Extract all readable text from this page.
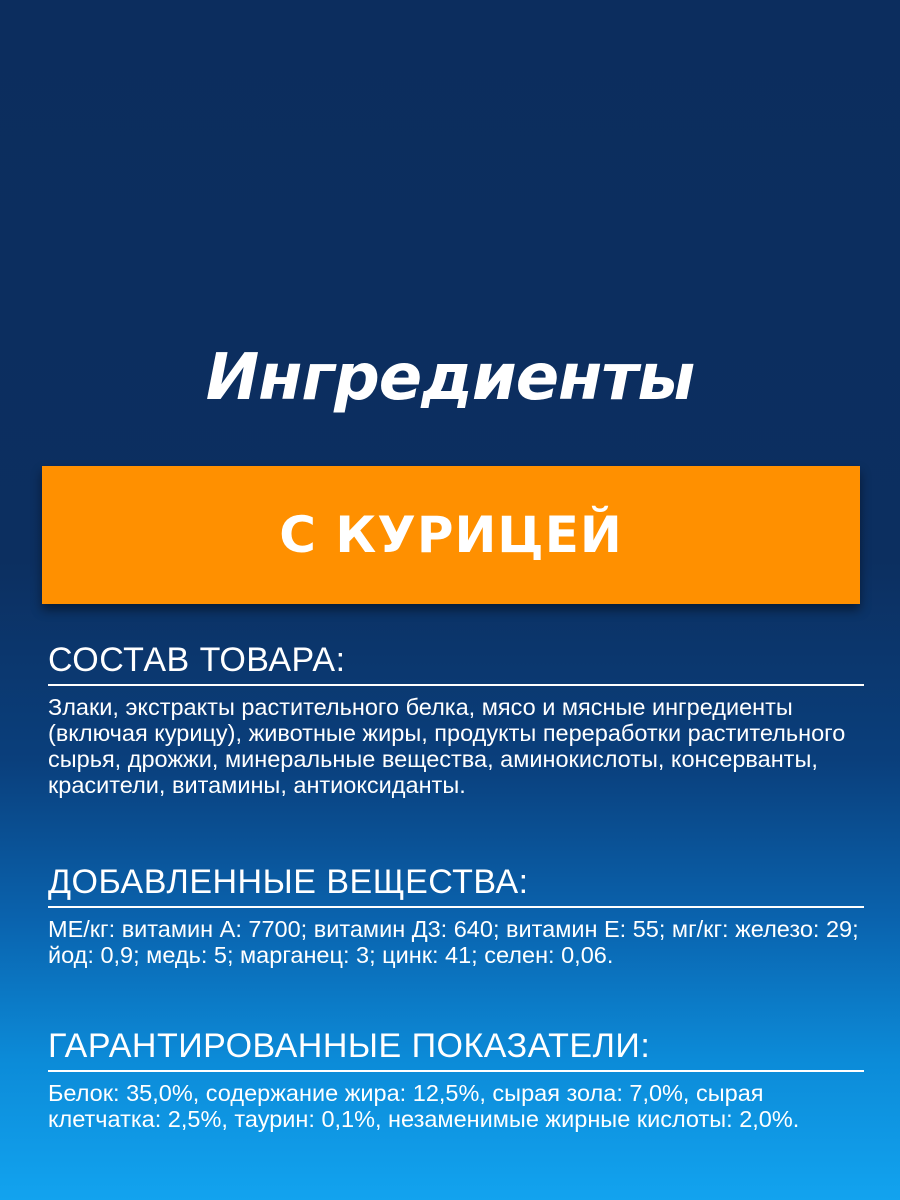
Ингредиенты
С КУРИЦЕЙ
СОСТАВ ТОВАРА:
Злаки, экстракты растительного белка, мясо и мясные ингредиенты (включая курицу), животные жиры, продукты переработки растительного сырья, дрожжи, минеральные вещества, аминокислоты, консерванты, красители, витамины, антиоксиданты.
ДОБАВЛЕННЫЕ ВЕЩЕСТВА:
МЕ/кг: витамин А: 7700; витамин Д3: 640; витамин Е: 55; мг/кг: железо: 29; йод: 0,9; медь: 5; марганец: 3; цинк: 41; селен: 0,06.
ГАРАНТИРОВАННЫЕ ПОКАЗАТЕЛИ:
Белок: 35,0%, содержание жира: 12,5%, сырая зола: 7,0%, сырая клетчатка: 2,5%, таурин: 0,1%, незаменимые жирные кислоты: 2,0%.
